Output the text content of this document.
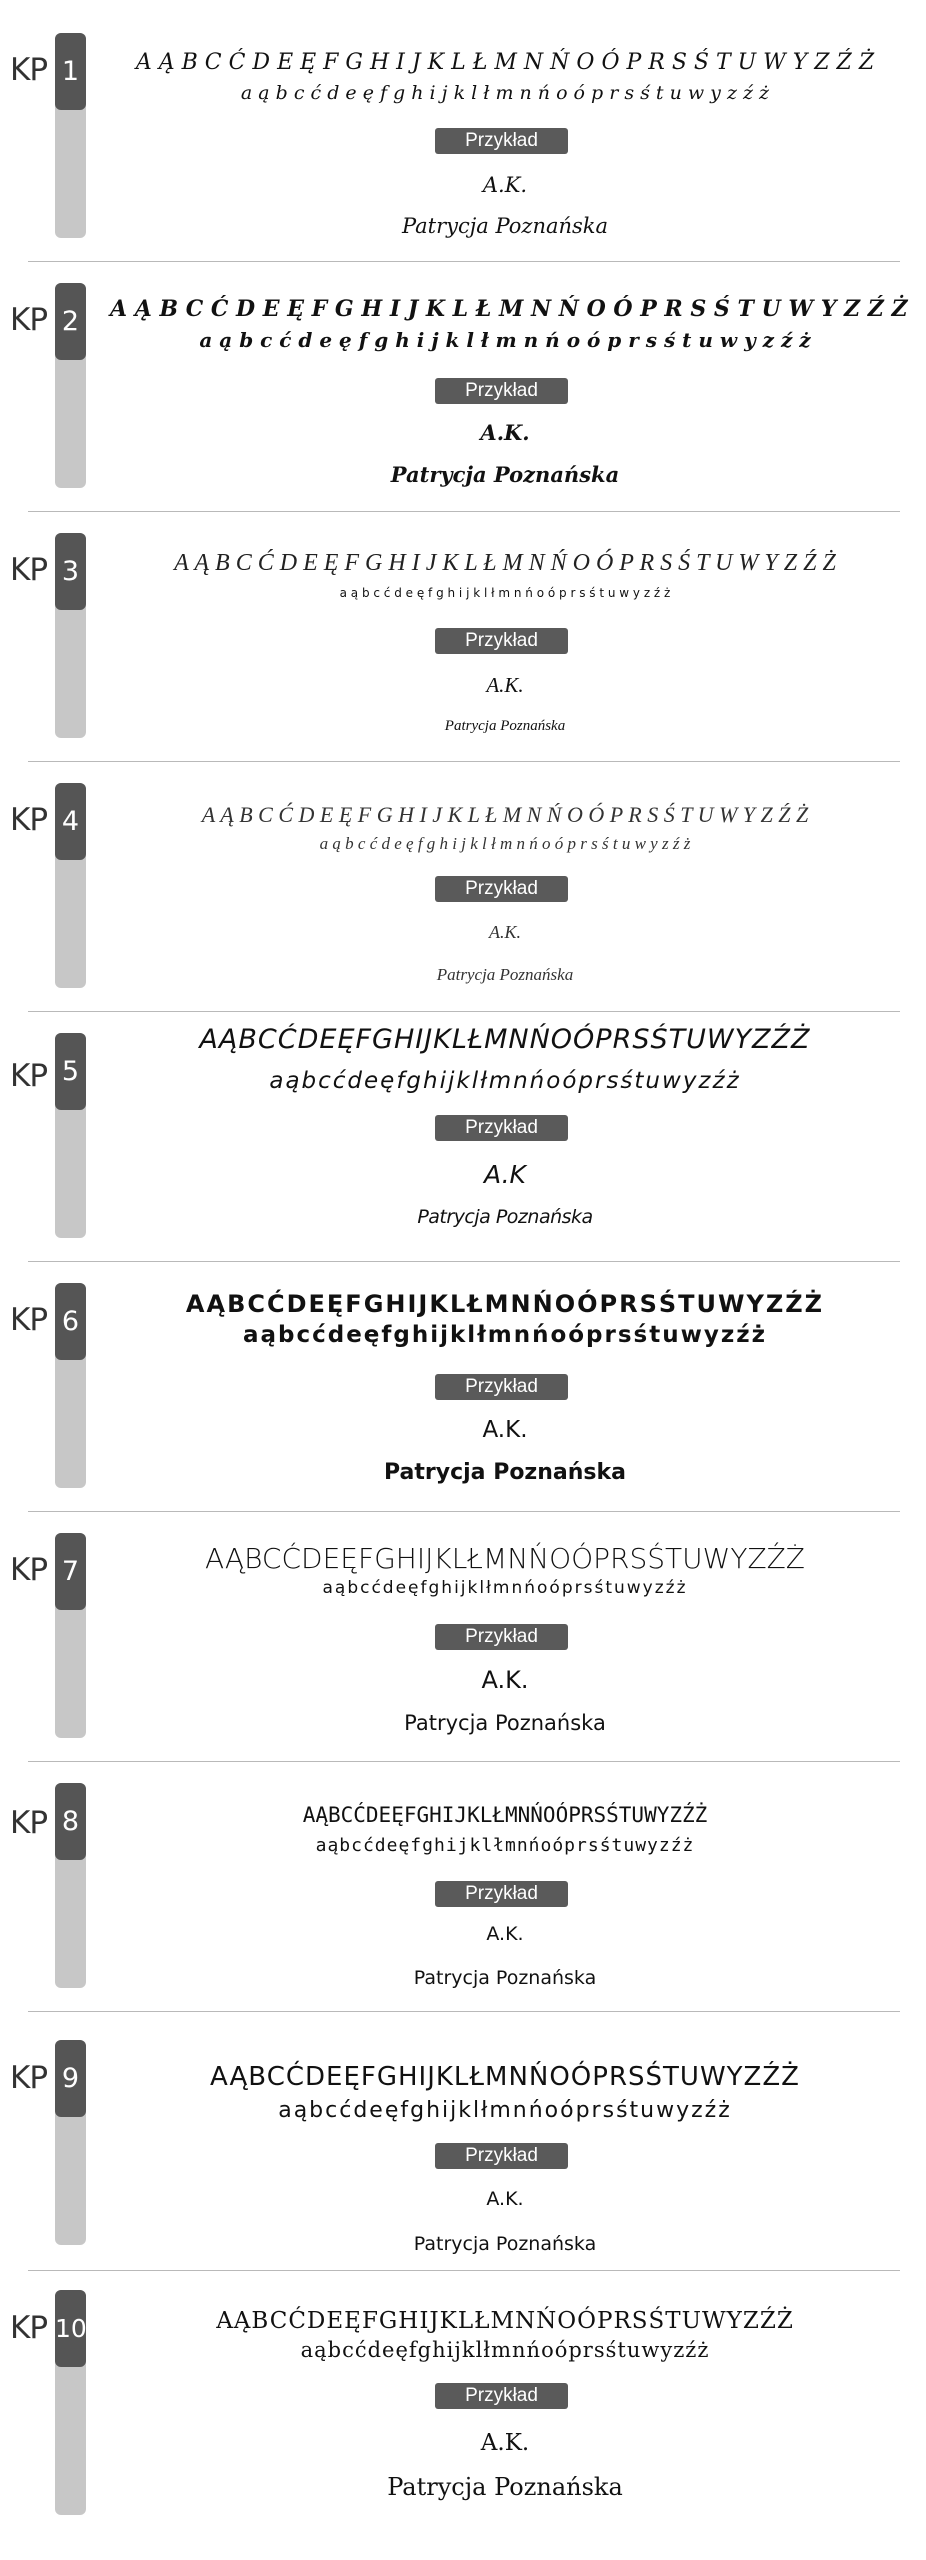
KP 1	A Ą B C Ć D E Ę F G H I J K L Ł M N Ń O Ó P R S Ś T U W Y Z Ź Ż
a ą b c ć d e ę f g h i j k l ł m n ń o ó p r s ś t u w y z ź ż
Przykład
A.K.
Patrycja Poznańska
KP 2	A Ą B C Ć D E Ę F G H I J K L Ł M N Ń O Ó P R S Ś T U W Y Z Ź Ż
a ą b c ć d e ę f g h i j k l ł m n ń o ó p r s ś t u w y z ź ż
Przykład
A.K.
Patrycja Poznańska
KP 3	A Ą B C Ć D E Ę F G H I J K L Ł M N Ń O Ó P R S Ś T U W Y Z Ź Ż
a ą b c ć d e ę f g h i j k l ł m n ń o ó p r s ś t u w y z ź ż
Przykład
A.K.
Patrycja Poznańska
KP 4	A Ą B C Ć D E Ę F G H I J K L Ł M N Ń O Ó P R S Ś T U W Y Z Ź Ż
a ą b c ć d e ę f g h i j k l ł m n ń o ó p r s ś t u w y z ź ż
Przykład
A.K.
Patrycja Poznańska
KP 5
AĄBCĆDEĘFGHIJKLŁMNŃOÓPRSŚTUWYZŹŻ
aąbcćdeęfghijklłmnńoóprsśtuwyzźż
Przykład
A.K
Patrycja Poznańska
KP 6
AĄBCĆDEĘFGHIJKLŁMNŃOÓPRSŚTUWYZŹŻ
aąbcćdeęfghijklłmnńoóprsśtuwyzźż
Przykład
A.K.
Patrycja Poznańska
KP 7	AĄBCĆDEĘFGHIJKLŁMNŃOÓPRSŚTUWYZŹŻ
aąbcćdeęfghijklłmnńoóprsśtuwyzźż
Przykład
A.K.
Patrycja Poznańska
KP 8	AĄBCĆDEĘFGHIJKLŁMNŃOÓPRSŚTUWYZŹŻ
aąbcćdeęfghijklłmnńoóprsśtuwyzźż
Przykład
A.K.
Patrycja Poznańska
KP 9	AĄBCĆDEĘFGHIJKLŁMNŃOÓPRSŚTUWYZŹŻ
aąbcćdeęfghijklłmnńoóprsśtuwyzźż
Przykład
A.K.
Patrycja Poznańska
KP 10	AĄBCĆDEĘFGHIJKLŁMNŃOÓPRSŚTUWYZŹŻ
aąbcćdeęfghijklłmnńoóprsśtuwyzźż
Przykład
A.K.
Patrycja Poznańska
